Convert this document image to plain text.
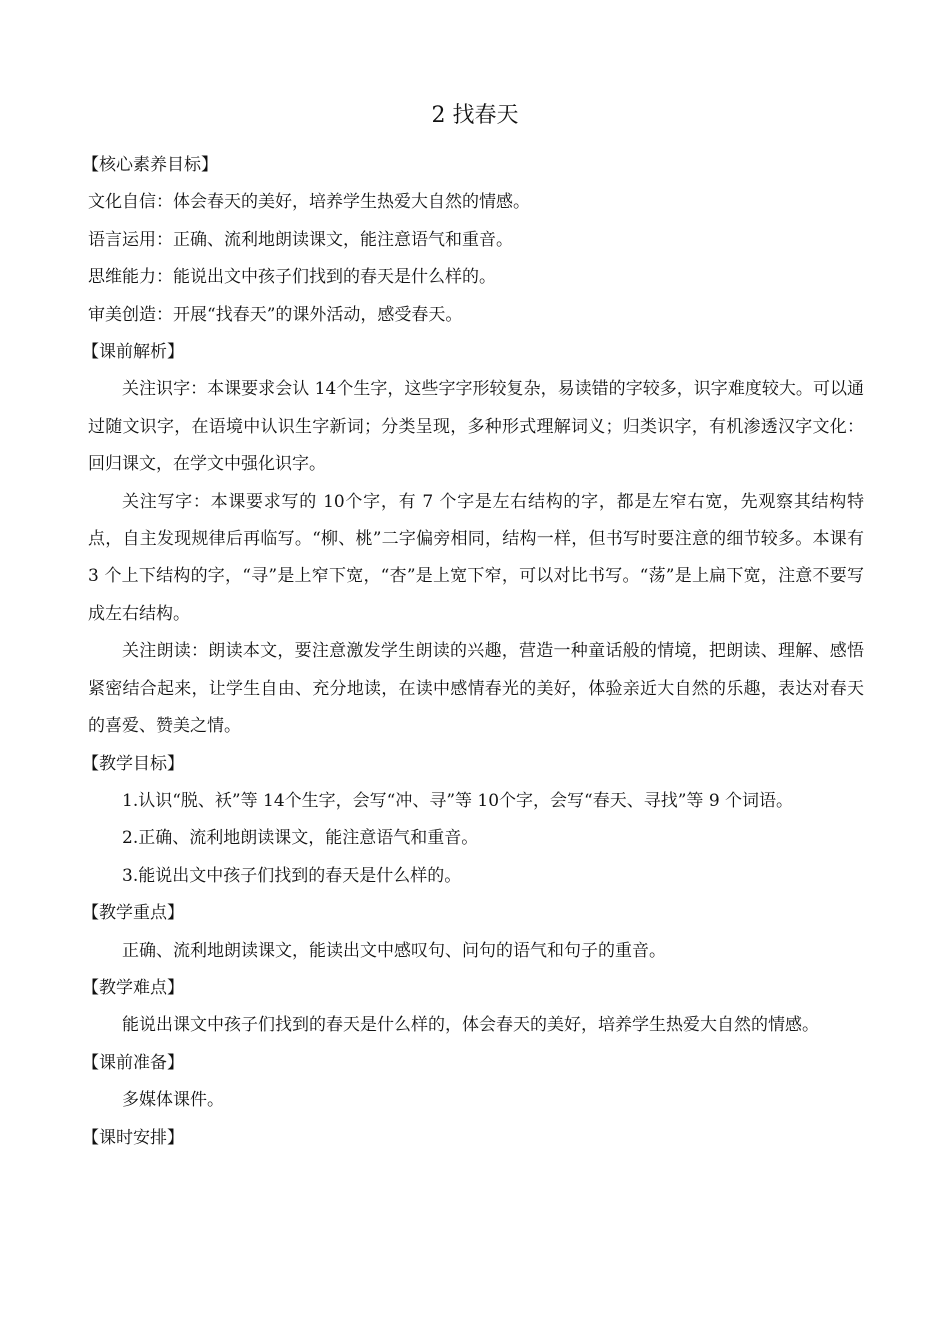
2 找春天

【核心素养目标】

文化自信：体会春天的美好，培养学生热爱大自然的情感。

语言运用：正确、流利地朗读课文，能注意语气和重音。

思维能力：能说出文中孩子们找到的春天是什么样的。

审美创造：开展“找春天”的课外活动，感受春天。

【课前解析】

关注识字：本课要求会认 14个生字，这些字字形较复杂，易读错的字较多，识字难度较大。可以通过随文识字，在语境中认识生字新词；分类呈现，多种形式理解词义；归类识字，有机渗透汉字文化：回归课文，在学文中强化识字。

关注写字：本课要求写的 10个字，有 7 个字是左右结构的字，都是左窄右宽，先观察其结构特点，自主发现规律后再临写。“柳、桃”二字偏旁相同，结构一样，但书写时要注意的细节较多。本课有 3 个上下结构的字，“寻”是上窄下宽，“杏”是上宽下窄，可以对比书写。“荡”是上扁下宽，注意不要写成左右结构。

关注朗读：朗读本文，要注意激发学生朗读的兴趣，营造一种童话般的情境，把朗读、理解、感悟紧密结合起来，让学生自由、充分地读，在读中感情春光的美好，体验亲近大自然的乐趣，表达对春天的喜爱、赞美之情。

【教学目标】

1.认识“脱、袄”等 14个生字，会写“冲、寻”等 10个字，会写“春天、寻找”等 9 个词语。

2.正确、流利地朗读课文，能注意语气和重音。

3.能说出文中孩子们找到的春天是什么样的。

【教学重点】

正确、流利地朗读课文，能读出文中感叹句、问句的语气和句子的重音。

【教学难点】

能说出课文中孩子们找到的春天是什么样的，体会春天的美好，培养学生热爱大自然的情感。

【课前准备】

多媒体课件。

【课时安排】
